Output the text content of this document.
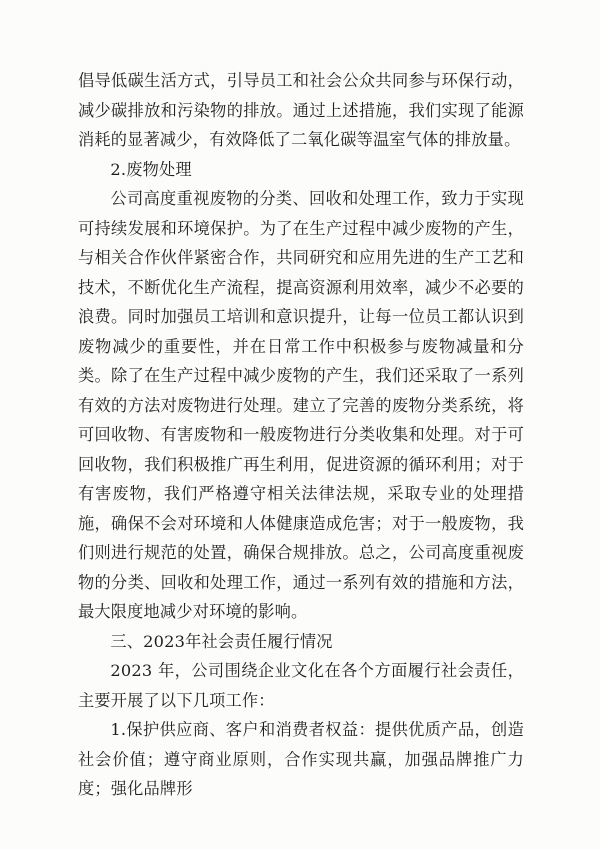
倡导低碳生活方式，引导员工和社会公众共同参与环保行动，减少碳排放和污染物的排放。通过上述措施，我们实现了能源消耗的显著减少，有效降低了二氧化碳等温室气体的排放量。

2.废物处理

公司高度重视废物的分类、回收和处理工作，致力于实现可持续发展和环境保护。为了在生产过程中减少废物的产生，与相关合作伙伴紧密合作，共同研究和应用先进的生产工艺和技术，不断优化生产流程，提高资源利用效率，减少不必要的浪费。同时加强员工培训和意识提升，让每一位员工都认识到废物减少的重要性，并在日常工作中积极参与废物减量和分类。除了在生产过程中减少废物的产生，我们还采取了一系列有效的方法对废物进行处理。建立了完善的废物分类系统，将可回收物、有害废物和一般废物进行分类收集和处理。对于可回收物，我们积极推广再生利用，促进资源的循环利用；对于有害废物，我们严格遵守相关法律法规，采取专业的处理措施，确保不会对环境和人体健康造成危害；对于一般废物，我们则进行规范的处置，确保合规排放。总之，公司高度重视废物的分类、回收和处理工作，通过一系列有效的措施和方法，最大限度地减少对环境的影响。

三、2023年社会责任履行情况

2023 年，公司围绕企业文化在各个方面履行社会责任，主要开展了以下几项工作：

1.保护供应商、客户和消费者权益：提供优质产品，创造社会价值；遵守商业原则，合作实现共赢，加强品牌推广力度；强化品牌形
